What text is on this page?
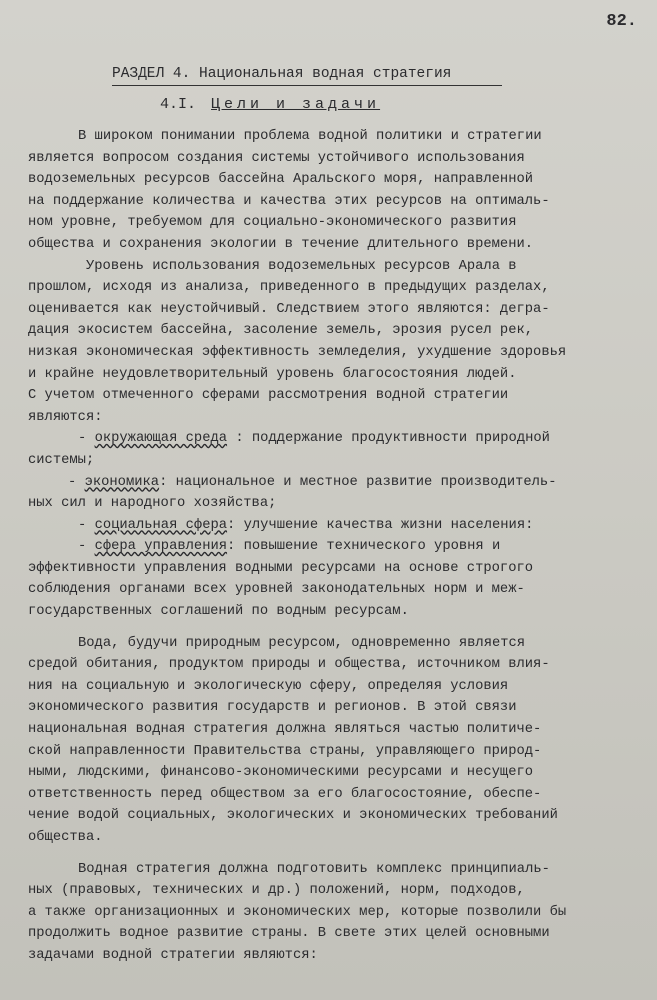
82.
РАЗДЕЛ 4. Национальная водная стратегия
4.I. Цели и задачи
В широком понимании проблема водной политики и стратегии
является вопросом создания системы устойчивого использования
водоземельных ресурсов бассейна Аральского моря, направленной
на поддержание количества и качества этих ресурсов на оптималь-
ном уровне, требуемом для социально-экономического развития
общества и сохранения экологии в течение длительного времени.
Уровень использования водоземельных ресурсов Арала в
прошлом, исходя из анализа, приведенного в предыдущих разделах,
оценивается как неустойчивый. Следствием этого являются: дегра-
дация экосистем бассейна, засоление земель, эрозия русел рек,
низкая экономическая эффективность земледелия, ухудшение здоровья
и крайне неудовлетворительный уровень благосостояния людей.
С учетом отмеченного сферами рассмотрения водной стратегии
являются:
- окружающая среда : поддержание продуктивности природной
системы;
- экономика: национальное и местное развитие производитель-
ных сил и народного хозяйства;
- социальная сфера: улучшение качества жизни населения:
- сфера управления: повышение технического уровня и
эффективности управления водными ресурсами на основе строгого
соблюдения органами всех уровней законодательных норм и меж-
государственных соглашений по водным ресурсам.
Вода, будучи природным ресурсом, одновременно является
средой обитания, продуктом природы и общества, источником влия-
ния на социальную и экологическую сферу, определяя условия
экономического развития государств и регионов. В этой связи
национальная водная стратегия должна являться частью политиче-
ской направленности Правительства страны, управляющего природ-
ными, людскими, финансово-экономическими ресурсами и несущего
ответственность перед обществом за его благосостояние, обеспе-
чение водой социальных, экологических и экономических требований
общества.
Водная стратегия должна подготовить комплекс принципиаль-
ных (правовых, технических и др.) положений, норм, подходов,
а также организационных и экономических мер, которые позволили бы
продолжить водное развитие страны. В свете этих целей основными
задачами водной стратегии являются:
